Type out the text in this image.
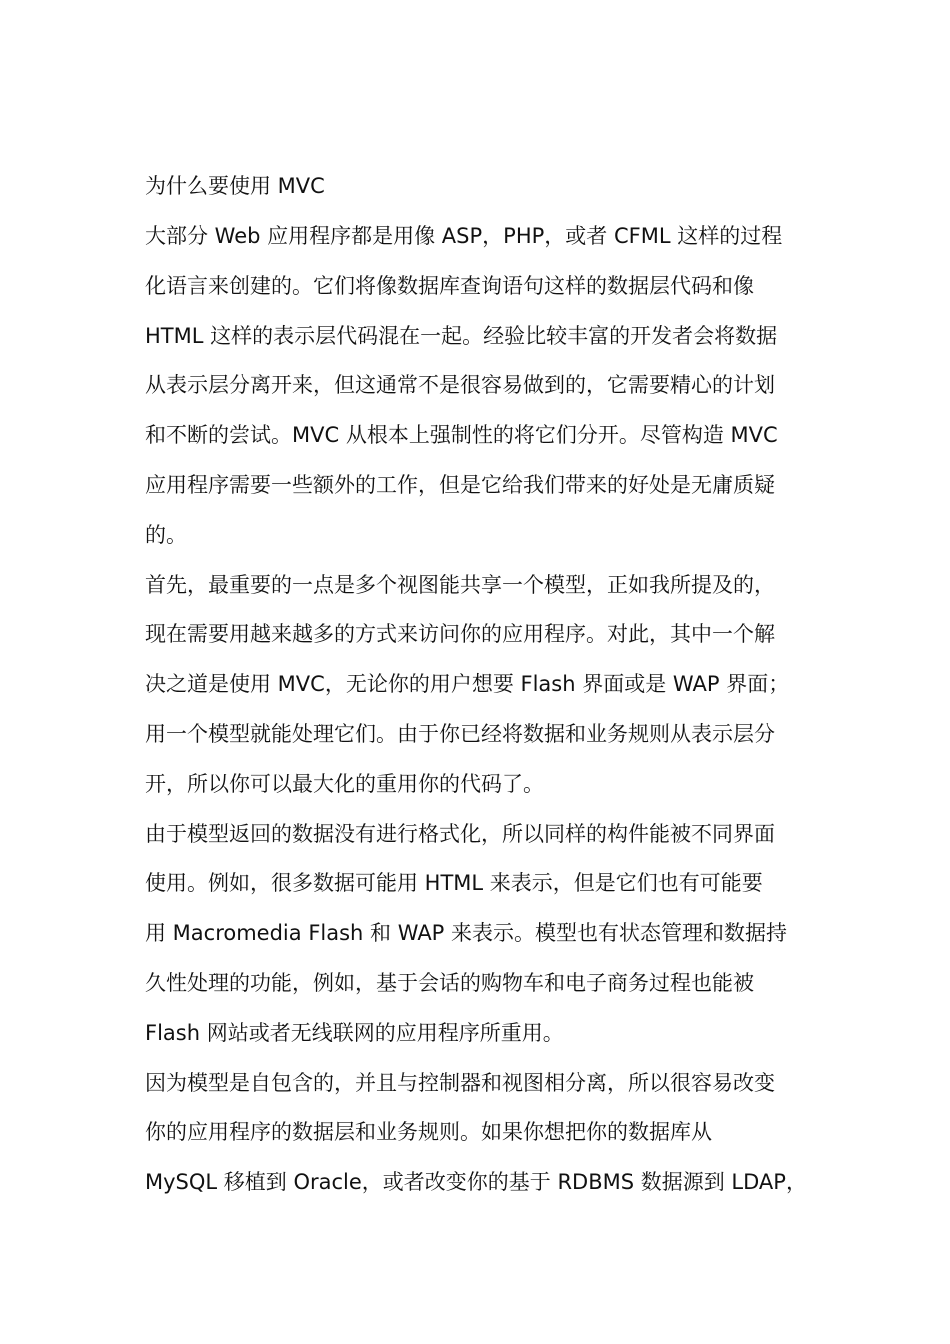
为什么要使用 MVC
大部分 Web 应用程序都是用像 ASP，PHP，或者 CFML 这样的过程
化语言来创建的。它们将像数据库查询语句这样的数据层代码和像
HTML 这样的表示层代码混在一起。经验比较丰富的开发者会将数据
从表示层分离开来，但这通常不是很容易做到的，它需要精心的计划
和不断的尝试。MVC 从根本上强制性的将它们分开。尽管构造 MVC
应用程序需要一些额外的工作，但是它给我们带来的好处是无庸质疑
的。
首先，最重要的一点是多个视图能共享一个模型，正如我所提及的，
现在需要用越来越多的方式来访问你的应用程序。对此，其中一个解
决之道是使用 MVC，无论你的用户想要 Flash 界面或是 WAP 界面；
用一个模型就能处理它们。由于你已经将数据和业务规则从表示层分
开，所以你可以最大化的重用你的代码了。
由于模型返回的数据没有进行格式化，所以同样的构件能被不同界面
使用。例如，很多数据可能用 HTML 来表示，但是它们也有可能要
用 Macromedia Flash 和 WAP 来表示。模型也有状态管理和数据持
久性处理的功能，例如，基于会话的购物车和电子商务过程也能被
Flash 网站或者无线联网的应用程序所重用。
因为模型是自包含的，并且与控制器和视图相分离，所以很容易改变
你的应用程序的数据层和业务规则。如果你想把你的数据库从
MySQL 移植到 Oracle，或者改变你的基于 RDBMS 数据源到 LDAP，
